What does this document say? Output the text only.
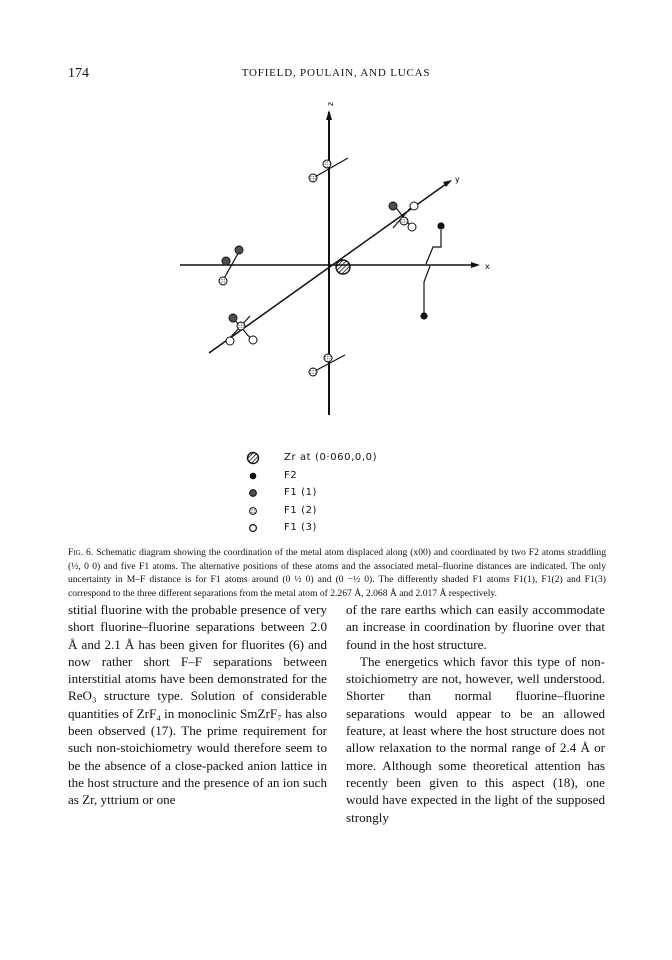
174	TOFIELD, POULAIN, AND LUCAS
z
x
y
Zr at (0·060,0,0)
F2
F1 (1)
F1 (2)
F1 (3)
Fig. 6. Schematic diagram showing the coordination of the metal atom displaced along (x00) and coordinated by two F2 atoms straddling (½, 0 0) and five F1 atoms. The alternative positions of these atoms and the associated metal–fluorine distances are indicated. The only uncertainty in M–F distance is for F1 atoms around (0 ½ 0) and (0 −½ 0). The differently shaded F1 atoms F1(1), F1(2) and F1(3) correspond to the three different separations from the metal atom of 2.267 Å, 2.068 Å and 2.017 Å respectively.

stitial fluorine with the probable presence of very short fluorine–fluorine separations between 2.0 Å and 2.1 Å has been given for fluorites (6) and now rather short F–F separations between interstitial atoms have been demonstrated for the ReO₃ structure type. Solution of considerable quantities of ZrF₄ in monoclinic SmZrF₇ has also been observed (17). The prime requirement for such non-stoichiometry would therefore seem to be the absence of a close-packed anion lattice in the host structure and the presence of an ion such as Zr, yttrium or one

of the rare earths which can easily accommodate an increase in coordination by fluorine over that found in the host structure.

The energetics which favor this type of non-stoichiometry are not, however, well understood. Shorter than normal fluorine–fluorine separations would appear to be an allowed feature, at least where the host structure does not allow relaxation to the normal range of 2.4 Å or more. Although some theoretical attention has recently been given to this aspect (18), one would have expected in the light of the supposed strongly
